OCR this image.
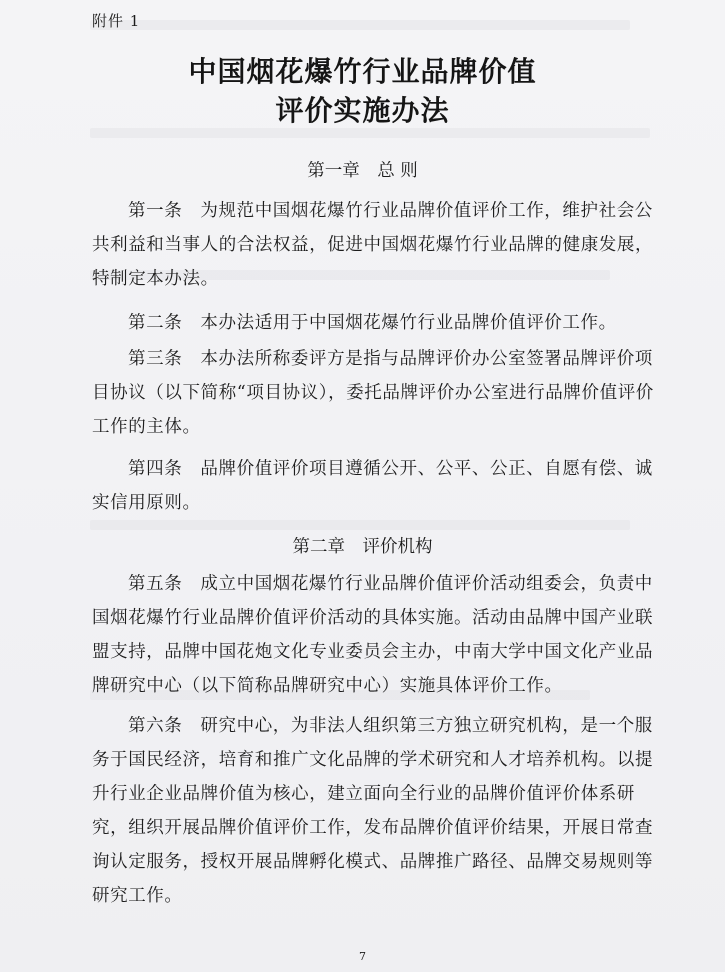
附件 1
中国烟花爆竹行业品牌价值
评价实施办法
第一章　总 则

第一条　为规范中国烟花爆竹行业品牌价值评价工作，维护社会公共利益和当事人的合法权益，促进中国烟花爆竹行业品牌的健康发展，特制定本办法。

第二条　本办法适用于中国烟花爆竹行业品牌价值评价工作。

第三条　本办法所称委评方是指与品牌评价办公室签署品牌评价项目协议（以下简称“项目协议），委托品牌评价办公室进行品牌价值评价工作的主体。

第四条　品牌价值评价项目遵循公开、公平、公正、自愿有偿、诚实信用原则。

第二章　评价机构

第五条　成立中国烟花爆竹行业品牌价值评价活动组委会，负责中国烟花爆竹行业品牌价值评价活动的具体实施。活动由品牌中国产业联盟支持，品牌中国花炮文化专业委员会主办，中南大学中国文化产业品牌研究中心（以下简称品牌研究中心）实施具体评价工作。

第六条　研究中心，为非法人组织第三方独立研究机构，是一个服务于国民经济，培育和推广文化品牌的学术研究和人才培养机构。以提升行业企业品牌价值为核心，建立面向全行业的品牌价值评价体系研究，组织开展品牌价值评价工作，发布品牌价值评价结果，开展日常查询认定服务，授权开展品牌孵化模式、品牌推广路径、品牌交易规则等研究工作。

7
